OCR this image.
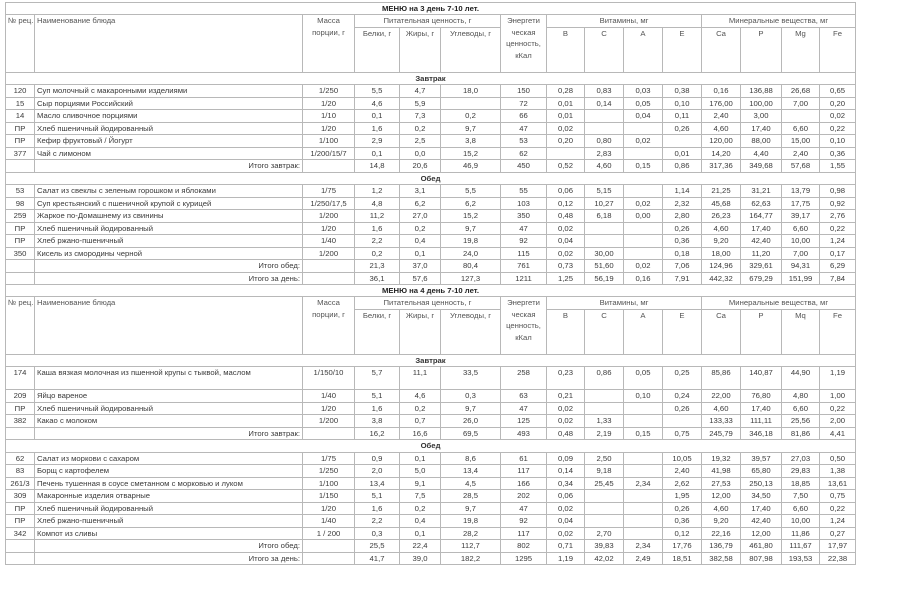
МЕНЮ на 3 день 7-10 лет.														
№ рец.	Наименование блюда	Масса порции, г	Питательная ценность, г			Энергети ческая ценность, кКал	Витамины, мг				Минеральные вещества, мг			
			Белки, г	Жиры, г	Углеводы, г		B	C	A	E	Ca	P	Mg	Fe
Завтрак														
120	Суп молочный с макаронными изделиями	1/250	5,5	4,7	18,0	150	0,28	0,83	0,03	0,38	0,16	136,88	26,68	0,65
15	Сыр порциями Российский	1/20	4,6	5,9		72	0,01	0,14	0,05	0,10	176,00	100,00	7,00	0,20
14	Масло сливочное порциями	1/10	0,1	7,3	0,2	66	0,01		0,04	0,11	2,40	3,00		0,02
ПР	Хлеб пшеничный йодированный	1/20	1,6	0,2	9,7	47	0,02			0,26	4,60	17,40	6,60	0,22
ПР	Кефир фруктовый / Йогурт	1/100	2,9	2,5	3,8	53	0,20	0,80	0,02		120,00	88,00	15,00	0,10
377	Чай с лимоном	1/200/15/7	0,1	0,0	15,2	62		2,83		0,01	14,20	4,40	2,40	0,36
	Итого завтрак:		14,8	20,6	46,9	450	0,52	4,60	0,15	0,86	317,36	349,68	57,68	1,55
Обед														
53	Салат из свеклы с зеленым горошком и яблоками	1/75	1,2	3,1	5,5	55	0,06	5,15		1,14	21,25	31,21	13,79	0,98
98	Суп крестьянский с пшеничной крупой с курицей	1/250/17,5	4,8	6,2	6,2	103	0,12	10,27	0,02	2,32	45,68	62,63	17,75	0,92
259	Жаркое по-Домашнему из свинины	1/200	11,2	27,0	15,2	350	0,48	6,18	0,00	2,80	26,23	164,77	39,17	2,76
ПР	Хлеб пшеничный йодированный	1/20	1,6	0,2	9,7	47	0,02			0,26	4,60	17,40	6,60	0,22
ПР	Хлеб ржано-пшеничный	1/40	2,2	0,4	19,8	92	0,04			0,36	9,20	42,40	10,00	1,24
350	Кисель из смородины черной	1/200	0,2	0,1	24,0	115	0,02	30,00		0,18	18,00	11,20	7,00	0,17
	Итого обед:		21,3	37,0	80,4	761	0,73	51,60	0,02	7,06	124,96	329,61	94,31	6,29
	Итого за день:		36,1	57,6	127,3	1211	1,25	56,19	0,16	7,91	442,32	679,29	151,99	7,84
МЕНЮ на 4 день 7-10 лет.														
№ рец.	Наименование блюда	Масса порции, г	Питательная ценность, г			Энергети ческая ценность, кКал	Витамины, мг				Минеральные вещества, мг			
			Белки, г	Жиры, г	Углеводы, г		B	C	A	E	Ca	P	Mq	Fe
Завтрак														
174	Каша вязкая молочная из пшенной крупы с тыквой, маслом	1/150/10	5,7	11,1	33,5	258	0,23	0,86	0,05	0,25	85,86	140,87	44,90	1,19
209	Яйцо вареное	1/40	5,1	4,6	0,3	63	0,21		0,10	0,24	22,00	76,80	4,80	1,00
ПР	Хлеб пшеничный йодированный	1/20	1,6	0,2	9,7	47	0,02			0,26	4,60	17,40	6,60	0,22
382	Какао с молоком	1/200	3,8	0,7	26,0	125	0,02	1,33			133,33	111,11	25,56	2,00
	Итого завтрак:		16,2	16,6	69,5	493	0,48	2,19	0,15	0,75	245,79	346,18	81,86	4,41
Обед														
62	Салат из моркови с сахаром	1/75	0,9	0,1	8,6	61	0,09	2,50		10,05	19,32	39,57	27,03	0,50
83	Борщ с картофелем	1/250	2,0	5,0	13,4	117	0,14	9,18		2,40	41,98	65,80	29,83	1,38
261/3	Печень тушенная в соусе сметанном с морковью и луком	1/100	13,4	9,1	4,5	166	0,34	25,45	2,34	2,62	27,53	250,13	18,85	13,61
309	Макаронные изделия отварные	1/150	5,1	7,5	28,5	202	0,06			1,95	12,00	34,50	7,50	0,75
ПР	Хлеб пшеничный йодированный	1/20	1,6	0,2	9,7	47	0,02			0,26	4,60	17,40	6,60	0,22
ПР	Хлеб ржано-пшеничный	1/40	2,2	0,4	19,8	92	0,04			0,36	9,20	42,40	10,00	1,24
342	Компот из сливы	1 / 200	0,3	0,1	28,2	117	0,02	2,70		0,12	22,16	12,00	11,86	0,27
	Итого обед:		25,5	22,4	112,7	802	0,71	39,83	2,34	17,76	136,79	461,80	111,67	17,97
	Итого за день:		41,7	39,0	182,2	1295	1,19	42,02	2,49	18,51	382,58	807,98	193,53	22,38
